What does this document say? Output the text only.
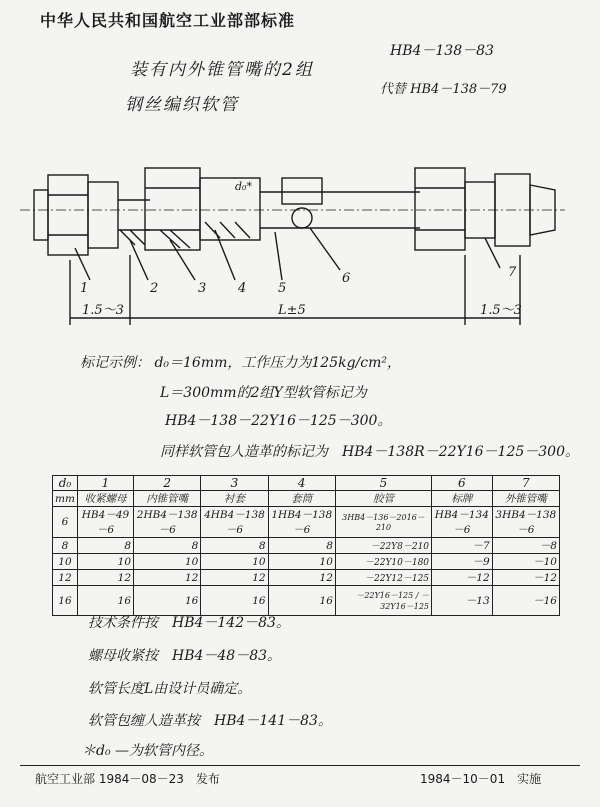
中华人民共和国航空工业部部标准
HB4－138－83
代替 HB4－138－79
装有内外锥管嘴的2组
钢丝编织软管
1	2	3 4 5
6	7
1.5～3	L±5	1.5～3
d₀*
标记示例： d₀＝16mm，工作压力为125kg/cm²，
L＝300mm的2组Y型软管标记为
HB4－138－22Y16－125－300。
同样软管包人造革的标记为　HB4－138R－22Y16－125－300。
d₀	1	2	3	4	5	6	7
mm	收紧螺母	内锥管嘴	衬套	套筒	胶管	标牌	外锥管嘴
6	HB4－49－6	2HB4－138－6	4HB4－138－6	1HB4－138－6	3HB4－136－2016－210	HB4－134－6	3HB4－138－6
8	8	8	8	8	－22Y8－210	－7	－8
10	10	10	10	10	－22Y10－180	－9	－10
12	12	12	12	12	－22Y12－125	－12	－12
16	16	16	16	16	－22Y16－125 / －32Y16－125	－13	－16
技术条件按　HB4－142－83。
螺母收紧按　HB4－48－83。
软管长度L由设计员确定。
软管包缠人造革按　HB4－141－83。
＊d₀ —为软管内径。
航空工业部 1984－08－23　发布	1984－10－01　实施
